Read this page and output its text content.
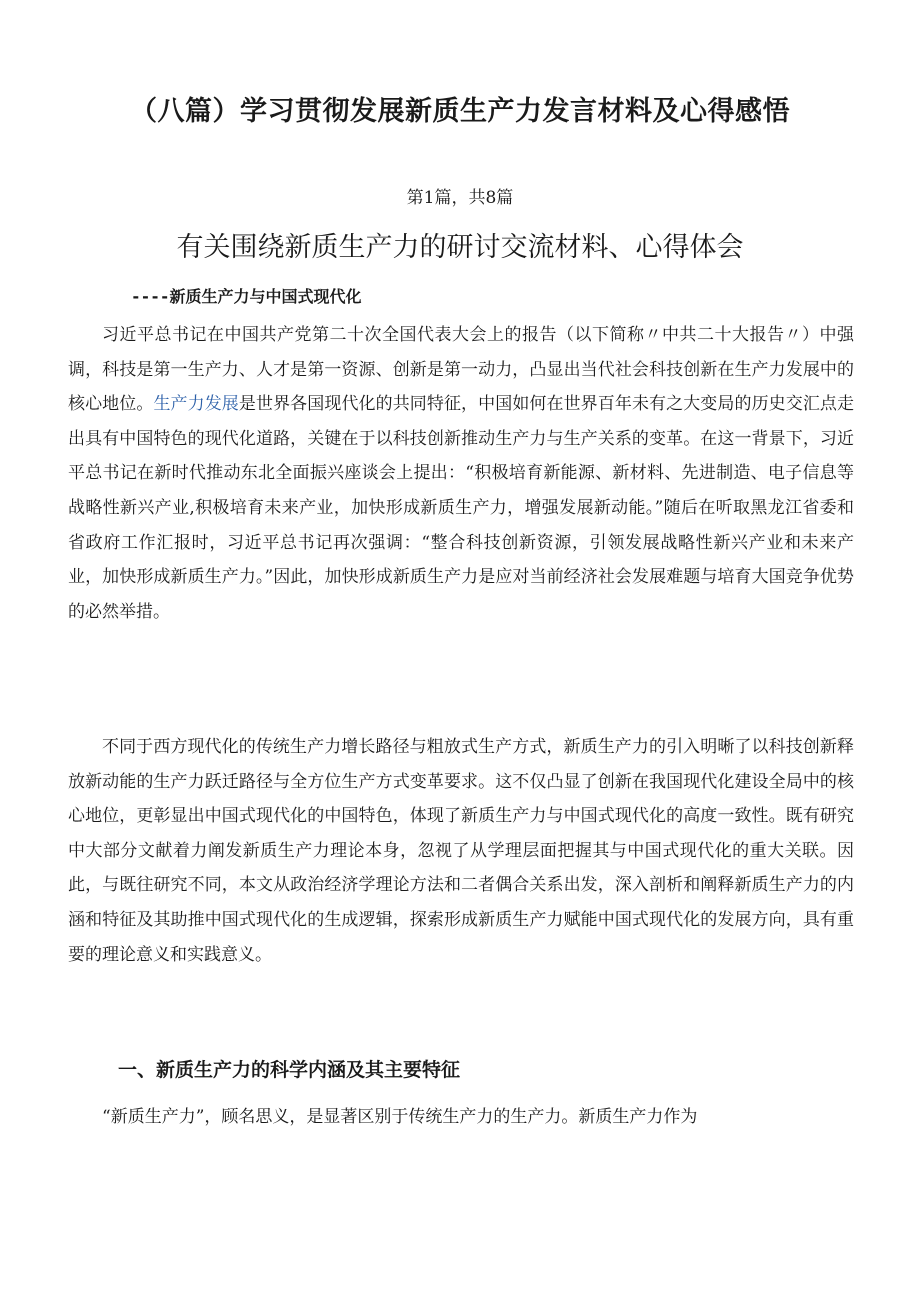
（八篇）学习贯彻发展新质生产力发言材料及心得感悟
第1篇，共8篇
有关围绕新质生产力的研讨交流材料、心得体会
----新质生产力与中国式现代化

习近平总书记在中国共产党第二十次全国代表大会上的报告（以下简称〃中共二十大报告〃）中强调，科技是第一生产力、人才是第一资源、创新是第一动力，凸显出当代社会科技创新在生产力发展中的核心地位。生产力发展是世界各国现代化的共同特征，中国如何在世界百年未有之大变局的历史交汇点走出具有中国特色的现代化道路，关键在于以科技创新推动生产力与生产关系的变革。在这一背景下，习近平总书记在新时代推动东北全面振兴座谈会上提出：“积极培育新能源、新材料、先进制造、电子信息等战略性新兴产业,积极培育未来产业，加快形成新质生产力，增强发展新动能。”随后在听取黑龙江省委和省政府工作汇报时，习近平总书记再次强调：“整合科技创新资源，引领发展战略性新兴产业和未来产业，加快形成新质生产力。”因此，加快形成新质生产力是应对当前经济社会发展难题与培育大国竞争优势的必然举措。

不同于西方现代化的传统生产力增长路径与粗放式生产方式，新质生产力的引入明晰了以科技创新释放新动能的生产力跃迁路径与全方位生产方式变革要求。这不仅凸显了创新在我国现代化建设全局中的核心地位，更彰显出中国式现代化的中国特色，体现了新质生产力与中国式现代化的高度一致性。既有研究中大部分文献着力阐发新质生产力理论本身，忽视了从学理层面把握其与中国式现代化的重大关联。因此，与既往研究不同，本文从政治经济学理论方法和二者偶合关系出发，深入剖析和阐释新质生产力的内涵和特征及其助推中国式现代化的生成逻辑，探索形成新质生产力赋能中国式现代化的发展方向，具有重要的理论意义和实践意义。

一、新质生产力的科学内涵及其主要特征

“新质生产力”，顾名思义，是显著区别于传统生产力的生产力。新质生产力作为
